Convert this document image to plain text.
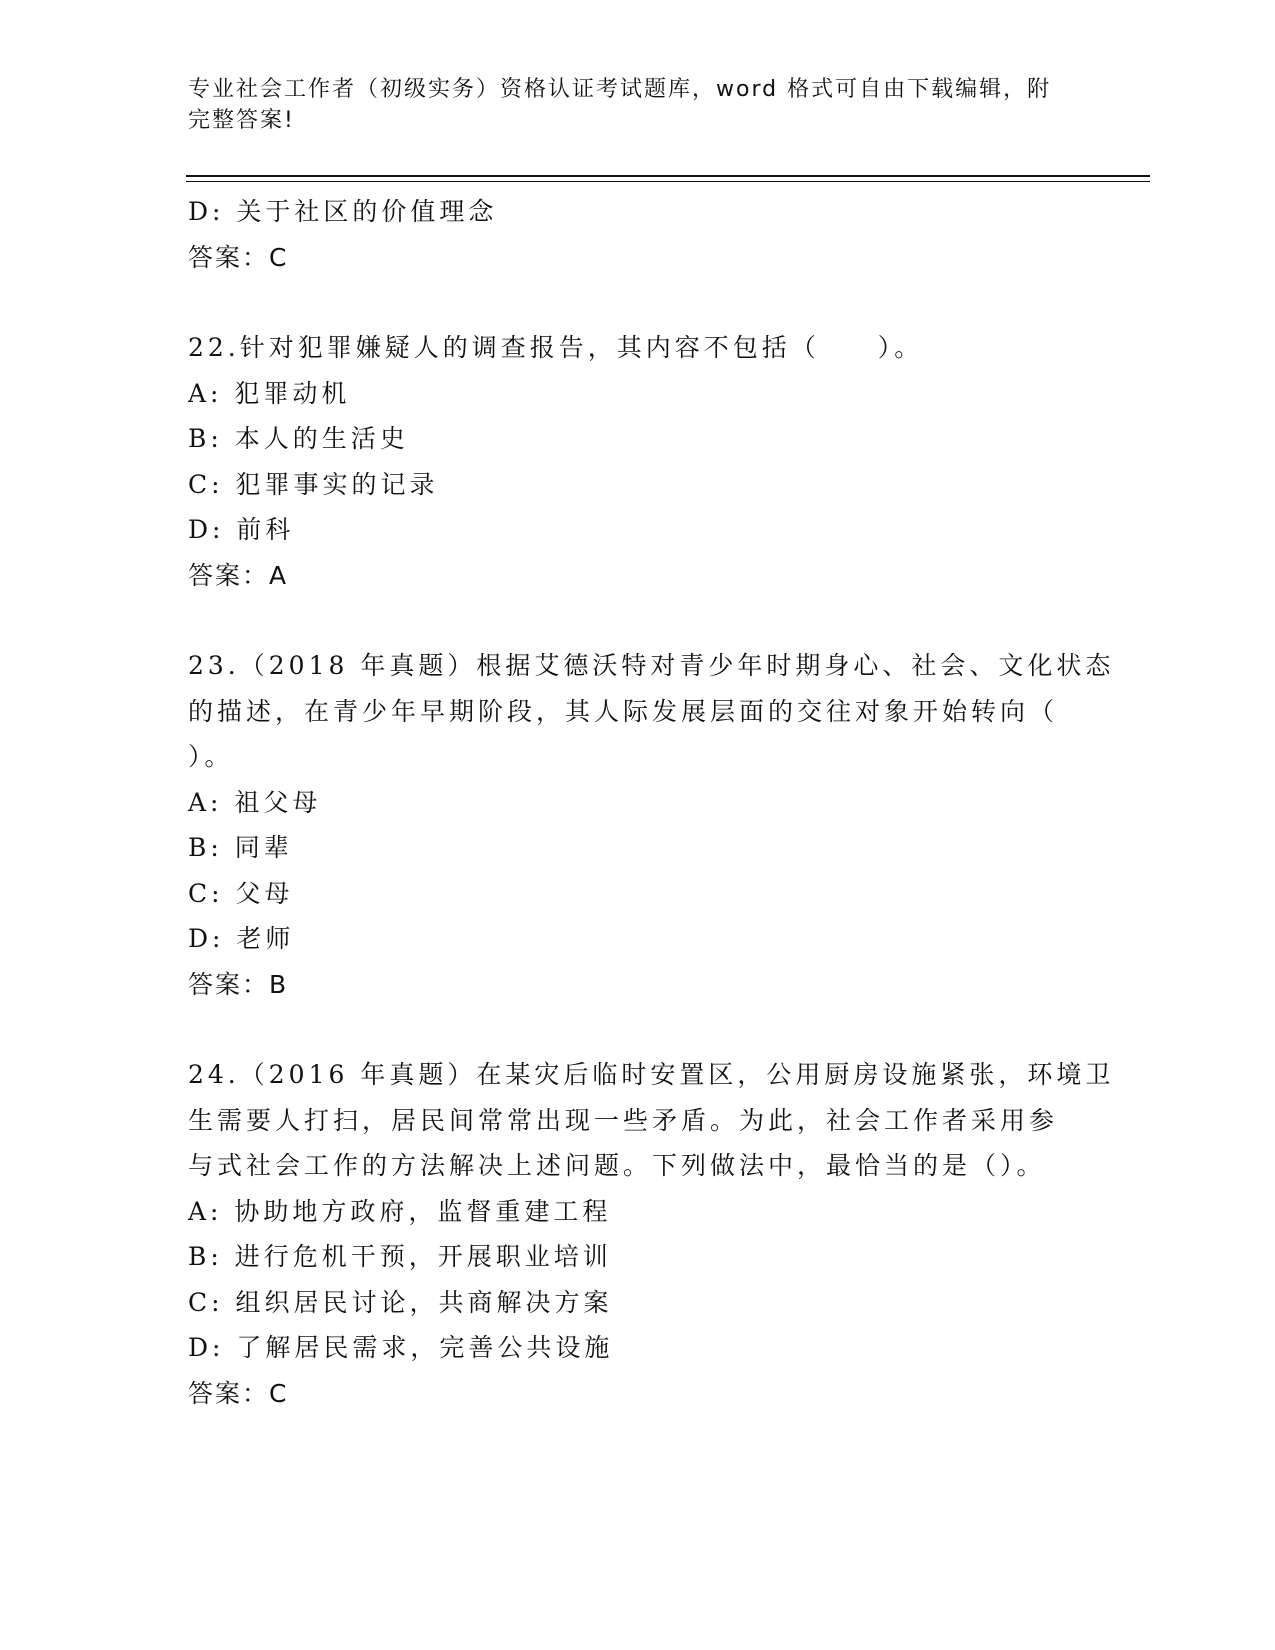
专业社会工作者（初级实务）资格认证考试题库，word 格式可自由下载编辑，附
完整答案!
D: 关于社区的价值理念
答案：C
22.针对犯罪嫌疑人的调查报告，其内容不包括（　　）。
A: 犯罪动机
B: 本人的生活史
C: 犯罪事实的记录
D: 前科
答案：A
23.（2018 年真题）根据艾德沃特对青少年时期身心、社会、文化状态
的描述，在青少年早期阶段，其人际发展层面的交往对象开始转向（
）。
A: 祖父母
B: 同辈
C: 父母
D: 老师
答案：B
24.（2016 年真题）在某灾后临时安置区，公用厨房设施紧张，环境卫
生需要人打扫，居民间常常出现一些矛盾。为此，社会工作者采用参
与式社会工作的方法解决上述问题。下列做法中，最恰当的是（）。
A: 协助地方政府，监督重建工程
B: 进行危机干预，开展职业培训
C: 组织居民讨论，共商解决方案
D: 了解居民需求，完善公共设施
答案：C
